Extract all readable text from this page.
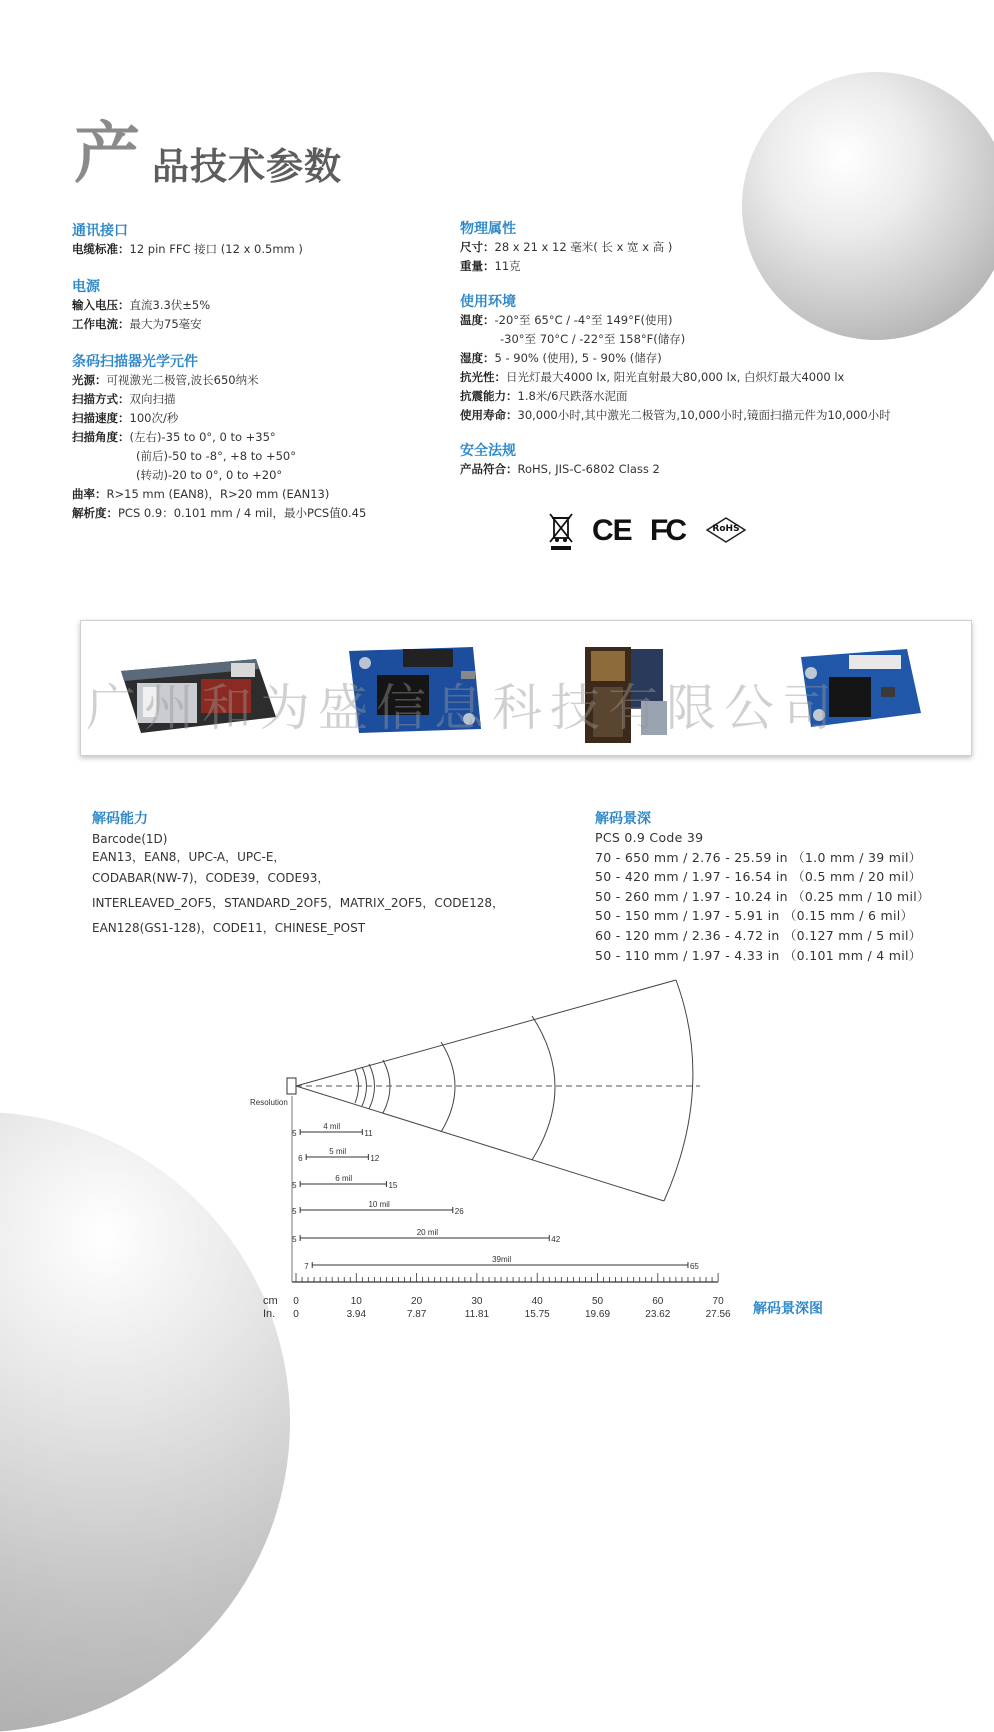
产 品技术参数
通讯接口
电缆标准：12 pin FFC 接口 (12 x 0.5mm )
电源
输入电压：直流3.3伏±5%
工作电流：最大为75毫安
条码扫描器光学元件
光源：可视激光二极管,波长650纳米
扫描方式：双向扫描
扫描速度：100次/秒
扫描角度：(左右)-35 to 0°, 0 to +35°
(前后)-50 to -8°, +8 to +50°
(转动)-20 to 0°, 0 to +20°
曲率：R>15 mm (EAN8)，R>20 mm (EAN13)
解析度：PCS 0.9：0.101 mm / 4 mil，最小PCS值0.45
物理属性
尺寸：28 x 21 x 12 毫米( 长 x 宽 x 高 )
重量：11克
使用环境
温度：-20°至 65°C / -4°至 149°F(使用)
-30°至 70°C / -22°至 158°F(储存)
湿度：5 - 90% (使用), 5 - 90% (储存)
抗光性：日光灯最大4000 lx, 阳光直射最大80,000 lx, 白炽灯最大4000 lx
抗震能力：1.8米/6尺跌落水泥面
使用寿命：30,000小时,其中激光二极管为,10,000小时,镜面扫描元件为10,000小时
安全法规
产品符合：RoHS, JIS-C-6802 Class 2
CE FC	RoHS
广州和为盛信息科技有限公司
解码能力
Barcode(1D)
EAN13，EAN8，UPC-A，UPC-E，
CODABAR(NW-7)，CODE39，CODE93，
INTERLEAVED_2OF5，STANDARD_2OF5，MATRIX_2OF5，CODE128，
EAN128(GS1-128)，CODE11，CHINESE_POST
解码景深
PCS 0.9 Code 39
70 - 650 mm / 2.76 - 25.59 in （1.0 mm / 39 mil）
50 - 420 mm / 1.97 - 16.54 in （0.5 mm / 20 mil）
50 - 260 mm / 1.97 - 10.24 in （0.25 mm / 10 mil）
50 - 150 mm / 1.97 - 5.91 in （0.15 mm / 6 mil）
60 - 120 mm / 2.36 - 4.72 in （0.127 mm / 5 mil）
50 - 110 mm / 1.97 - 4.33 in （0.101 mm / 4 mil）
Resolution
5	11
4 mil
6	12
5 mil
5	15
6 mil
5	26
10 mil
5	42
20 mil
7	65
39mil
cm
In.
0
0
10
3.94
20
7.87
30
11.81
40
15.75
50
19.69
60
23.62
70
27.56 解码景深图
